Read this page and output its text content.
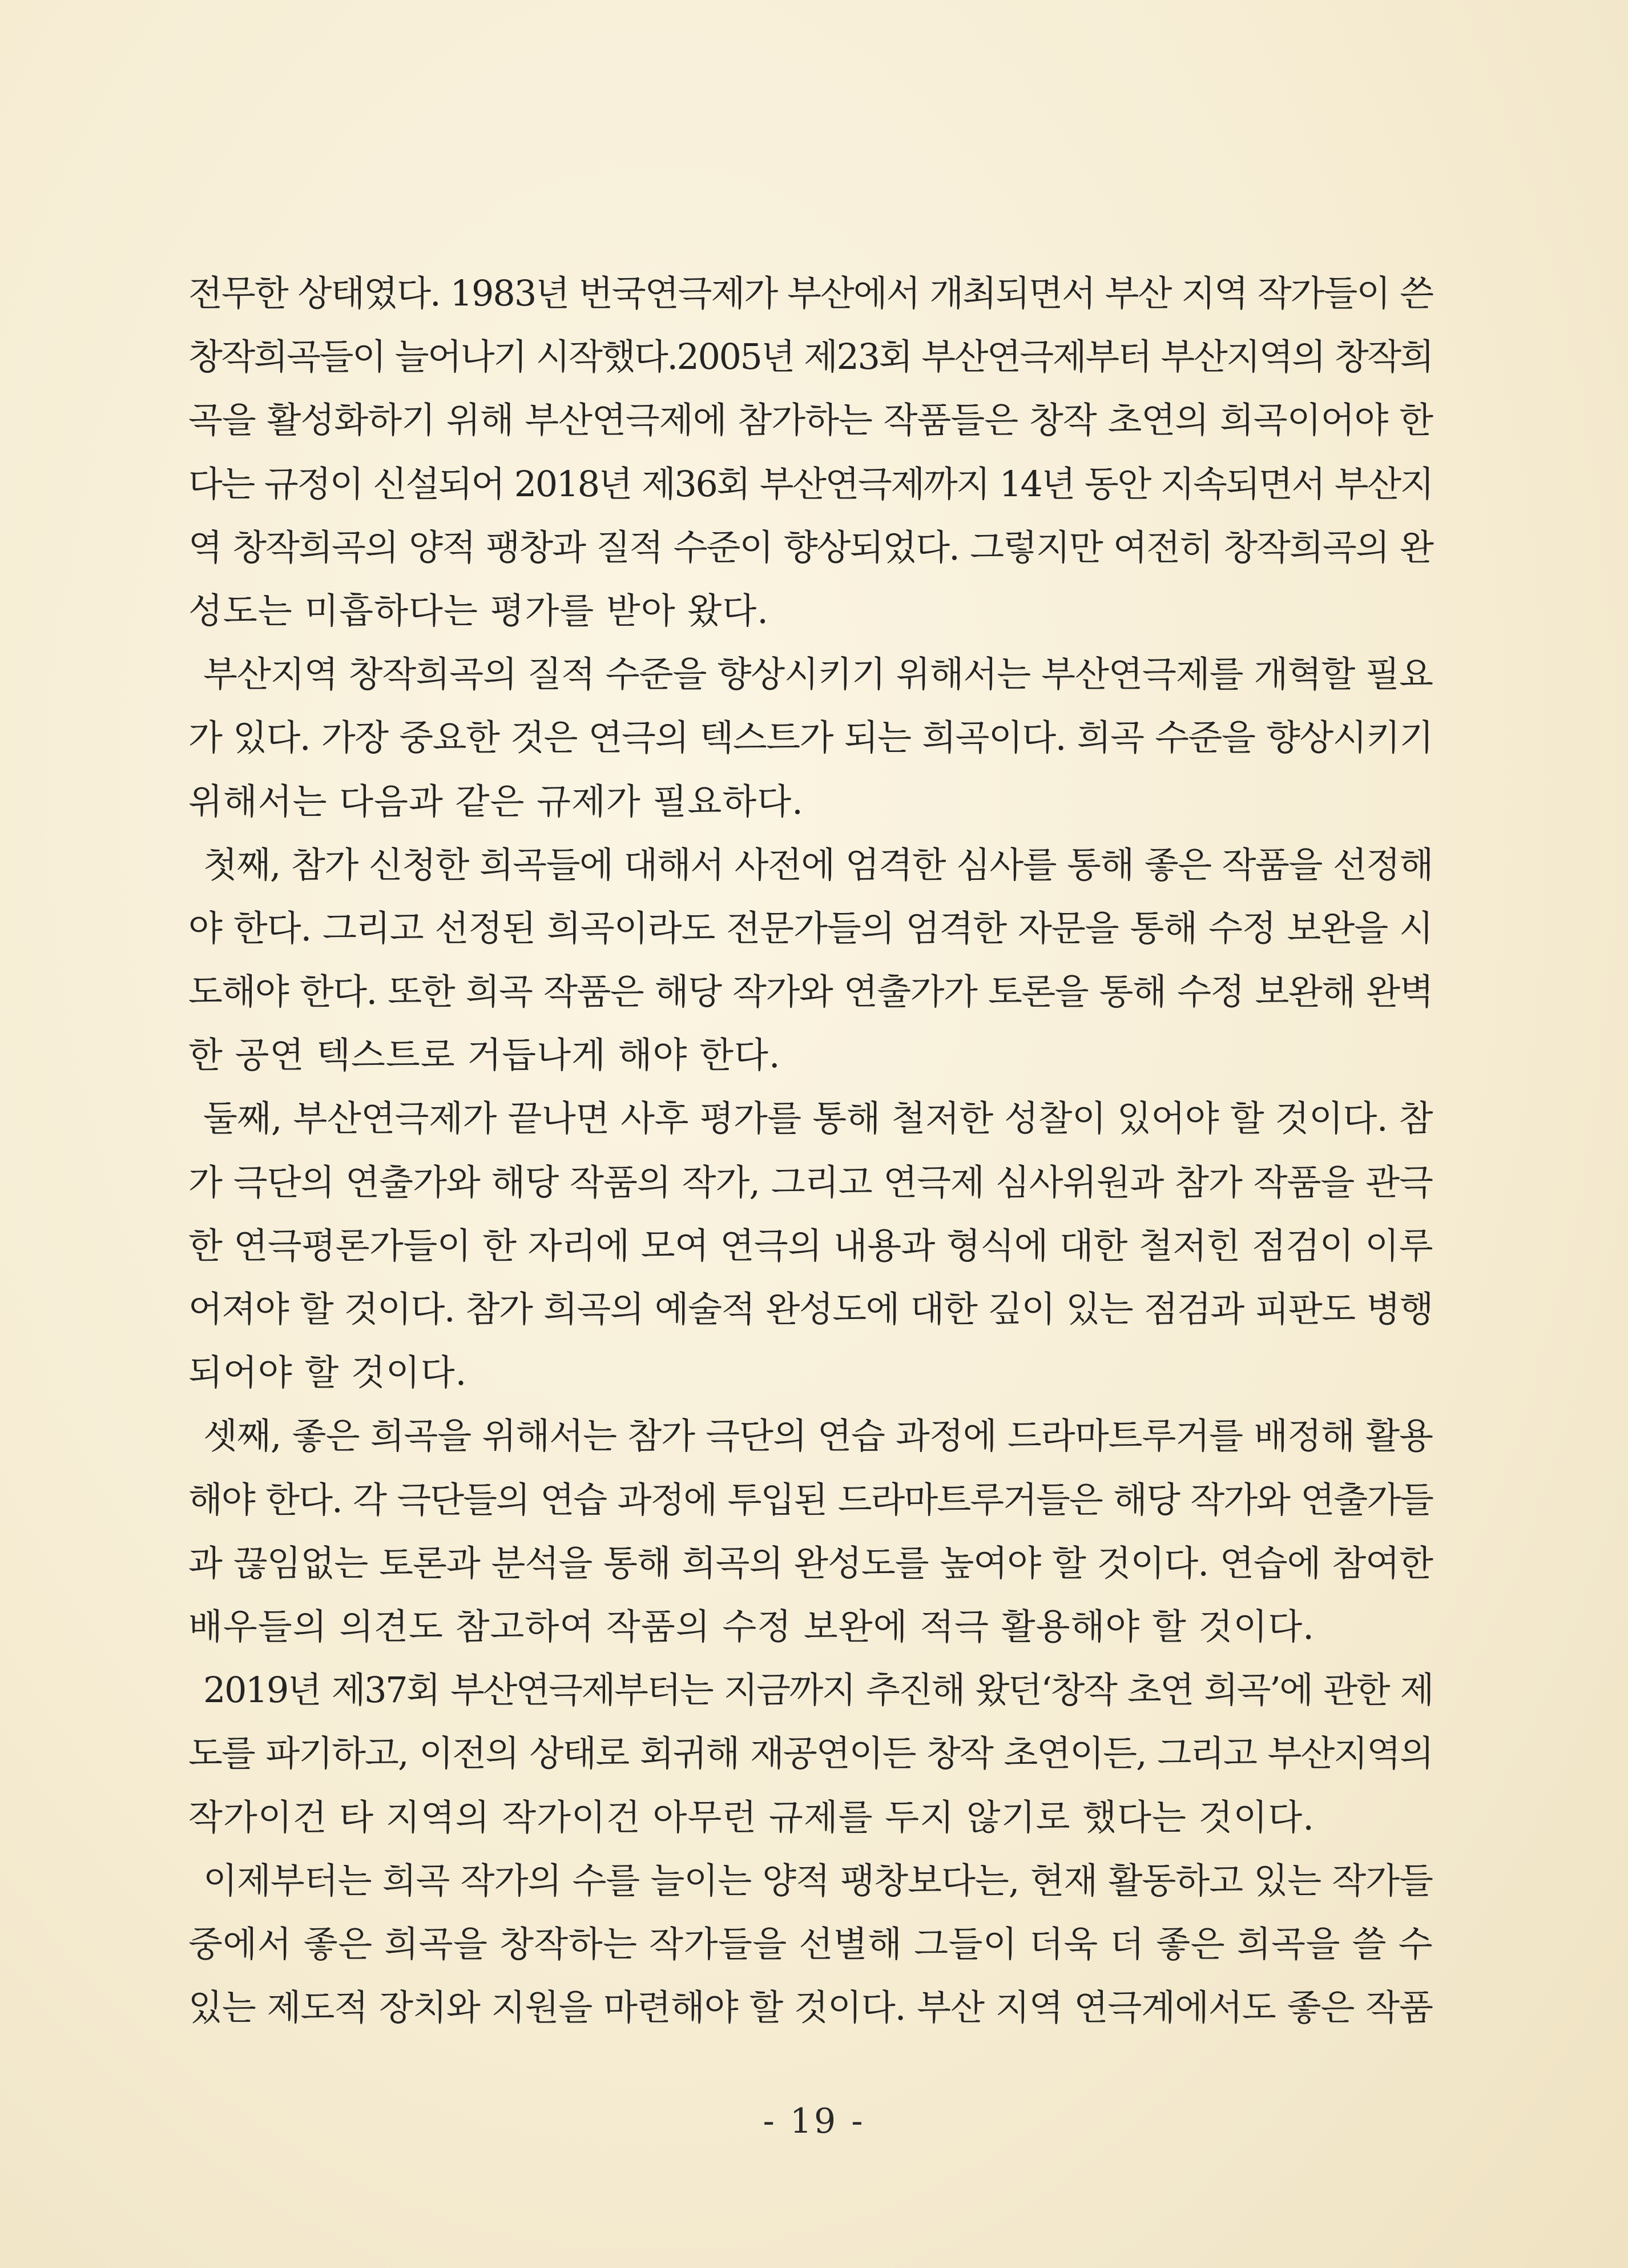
전무한 상태였다. 1983년 번국연극제가 부산에서 개최되면서 부산 지역 작가들이 쓴
창작희곡들이 늘어나기 시작했다.2005년 제23회 부산연극제부터 부산지역의 창작희
곡을 활성화하기 위해 부산연극제에 참가하는 작품들은 창작 초연의 희곡이어야 한
다는 규정이 신설되어 2018년 제36회 부산연극제까지 14년 동안 지속되면서 부산지
역 창작희곡의 양적 팽창과 질적 수준이 향상되었다. 그렇지만 여전히 창작희곡의 완
성도는 미흡하다는 평가를 받아 왔다.
부산지역 창작희곡의 질적 수준을 향상시키기 위해서는 부산연극제를 개혁할 필요
가 있다. 가장 중요한 것은 연극의 텍스트가 되는 희곡이다. 희곡 수준을 향상시키기
위해서는 다음과 같은 규제가 필요하다.
첫째, 참가 신청한 희곡들에 대해서 사전에 엄격한 심사를 통해 좋은 작품을 선정해
야 한다. 그리고 선정된 희곡이라도 전문가들의 엄격한 자문을 통해 수정 보완을 시
도해야 한다. 또한 희곡 작품은 해당 작가와 연출가가 토론을 통해 수정 보완해 완벽
한 공연 텍스트로 거듭나게 해야 한다.
둘째, 부산연극제가 끝나면 사후 평가를 통해 철저한 성찰이 있어야 할 것이다. 참
가 극단의 연출가와 해당 작품의 작가, 그리고 연극제 심사위원과 참가 작품을 관극
한 연극평론가들이 한 자리에 모여 연극의 내용과 형식에 대한 철저힌 점검이 이루
어져야 할 것이다. 참가 희곡의 예술적 완성도에 대한 깊이 있는 점검과 피판도 병행
되어야 할 것이다.
셋째, 좋은 희곡을 위해서는 참가 극단의 연습 과정에 드라마트루거를 배정해 활용
해야 한다. 각 극단들의 연습 과정에 투입된 드라마트루거들은 해당 작가와 연출가들
과 끊임없는 토론과 분석을 통해 희곡의 완성도를 높여야 할 것이다. 연습에 참여한
배우들의 의견도 참고하여 작품의 수정 보완에 적극 활용해야 할 것이다.
2019년 제37회 부산연극제부터는 지금까지 추진해 왔던‘창작 초연 희곡’에 관한 제
도를 파기하고, 이전의 상태로 회귀해 재공연이든 창작 초연이든, 그리고 부산지역의
작가이건 타 지역의 작가이건 아무런 규제를 두지 않기로 했다는 것이다.
이제부터는 희곡 작가의 수를 늘이는 양적 팽창보다는, 현재 활동하고 있는 작가들
중에서 좋은 희곡을 창작하는 작가들을 선별해 그들이 더욱 더 좋은 희곡을 쓸 수
있는 제도적 장치와 지원을 마련해야 할 것이다. 부산 지역 연극계에서도 좋은 작품
- 19 -
